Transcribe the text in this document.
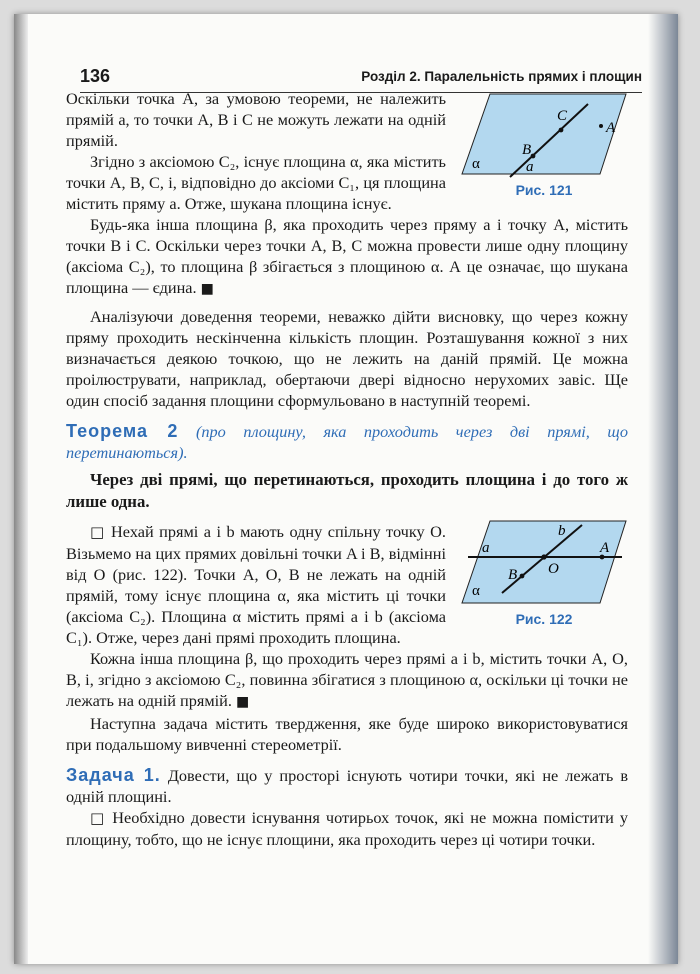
136	Розділ 2. Паралельність прямих і площин
C
A
B
α	a
Рис. 121

Оскільки точка A, за умовою теореми, не належить прямій a, то точки A, B і C не можуть лежати на одній прямій.

Згідно з аксіомою C₂, існує площина α, яка містить точки A, B, C, і, відповідно до аксіоми C₁, ця площина містить пряму a. Отже, шукана площина існує.

Будь-яка інша площина β, яка проходить через пряму a і точку A, містить точки B і C. Оскільки через точки A, B, C можна провести лише одну площину (аксіома C₂), то площина β збігається з площиною α. А це означає, що шукана площина — єдина. ■

Аналізуючи доведення теореми, неважко дійти висновку, що через кожну пряму проходить нескінченна кількість площин. Розташування кожної з них визначається деякою точкою, що не лежить на даній прямій. Це можна проілюструвати, наприклад, обертаючи двері відносно нерухомих завіс. Ще один спосіб задання площини сформульовано в наступній теоремі.

Теорема 2 (про площину, яка проходить через дві прямі, що перетинаються).

Через дві прямі, що перетинаються, проходить площина і до того ж лише одна.

b
a	A
B O
α
Рис. 122

□ Нехай прямі a і b мають одну спільну точку O. Візьмемо на цих прямих довільні точки A і B, відмінні від O (рис. 122). Точки A, O, B не лежать на одній прямій, тому існує площина α, яка містить ці точки (аксіома C₂). Площина α містить прямі a і b (аксіома C₁). Отже, через дані прямі проходить площина.

Кожна інша площина β, що проходить через прямі a і b, містить точки A, O, B, і, згідно з аксіомою C₂, повинна збігатися з площиною α, оскільки ці точки не лежать на одній прямій. ■

Наступна задача містить твердження, яке буде широко використовуватися при подальшому вивченні стереометрії.

Задача 1. Довести, що у просторі існують чотири точки, які не лежать в одній площині.

□ Необхідно довести існування чотирьох точок, які не можна помістити у площину, тобто, що не існує площини, яка проходить через ці чотири точки.
